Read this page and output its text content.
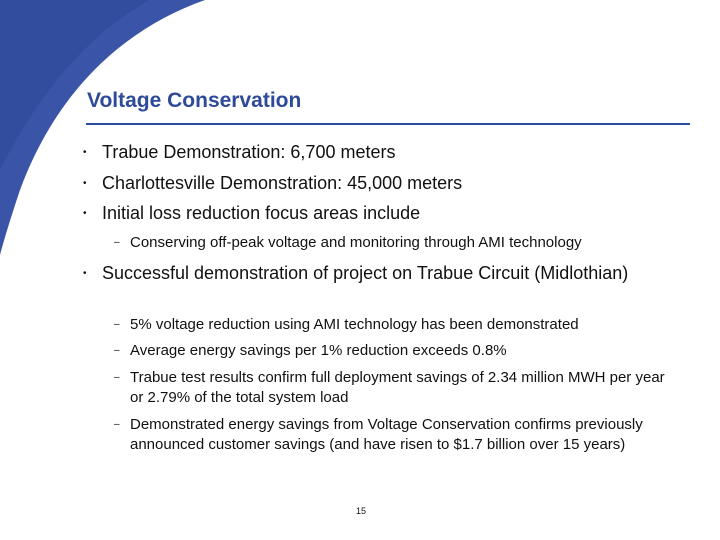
Voltage Conservation
• Trabue Demonstration: 6,700 meters
• Charlottesville Demonstration: 45,000 meters
• Initial loss reduction focus areas include
– Conserving off-peak voltage and monitoring through AMI technology
• Successful demonstration of project on Trabue Circuit (Midlothian)
– 5% voltage reduction using AMI technology has been demonstrated
– Average energy savings per 1% reduction exceeds 0.8%
– Trabue test results confirm full deployment savings of 2.34 million MWH per year or 2.79% of the total system load
– Demonstrated energy savings from Voltage Conservation confirms previously announced customer savings (and have risen to $1.7 billion over 15 years)
15
